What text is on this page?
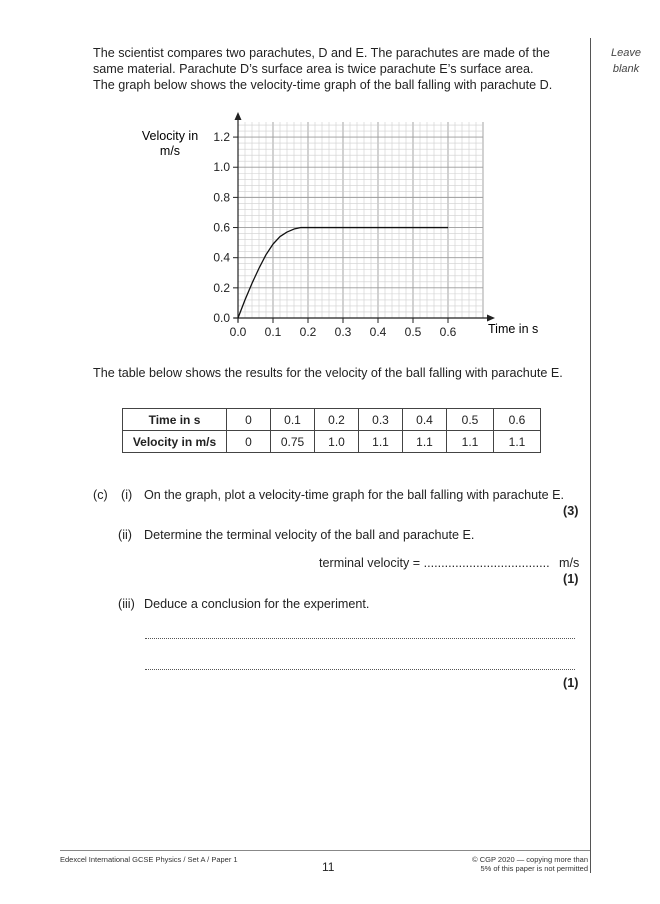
The scientist compares two parachutes, D and E. The parachutes are made of the
same material. Parachute D’s surface area is twice parachute E’s surface area.
The graph below shows the velocity-time graph of the ball falling with parachute D.
Leave
blank
0.0
0.2
0.4
0.6
0.8
1.0
1.2
0.0 0.1 0.2 0.3 0.4 0.5 0.6
Velocity in
m/s
Time in s
The table below shows the results for the velocity of the ball falling with parachute E.
Time in s	0	0.1	0.2	0.3	0.4	0.5	0.6
Velocity in m/s	0	0.75	1.0	1.1	1.1	1.1	1.1
(c) (i) On the graph, plot a velocity-time graph for the ball falling with parachute E.
(3)
(ii) Determine the terminal velocity of the ball and parachute E.
terminal velocity = .................................... m/s
(1)
(iii) Deduce a conclusion for the experiment.
(1)
Edexcel International GCSE Physics / Set A / Paper 1
11
© CGP 2020 — copying more than
5% of this paper is not permitted
